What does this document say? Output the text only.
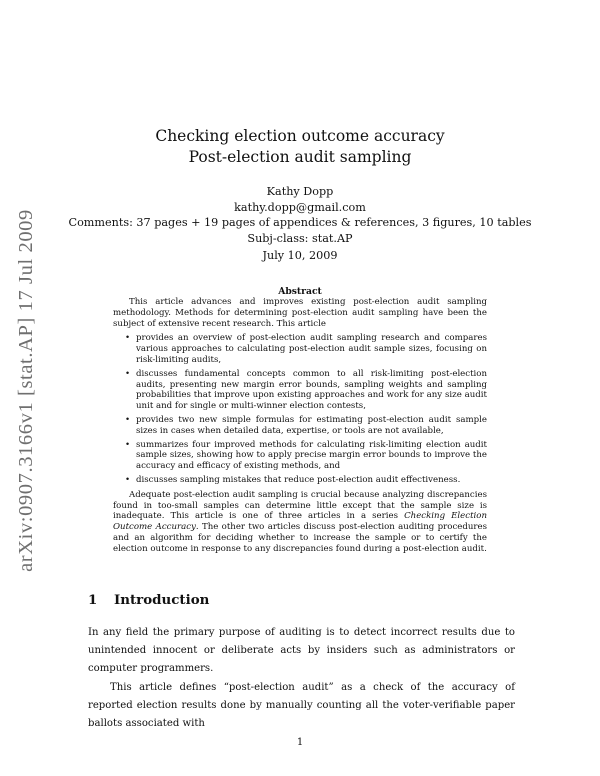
arXiv:0907.3166v1 [stat.AP] 17 Jul 2009
Checking election outcome accuracy
Post-election audit sampling
Kathy Dopp
kathy.dopp@gmail.com
Comments: 37 pages + 19 pages of appendices & references, 3 figures, 10 tables
Subj-class: stat.AP
July 10, 2009
Abstract

This article advances and improves existing post-election audit sampling methodology. Methods for determining post-election audit sampling have been the subject of extensive recent research. This article

• provides an overview of post-election audit sampling research and compares various approaches to calculating post-election audit sample sizes, focusing on risk-limiting audits,
• discusses fundamental concepts common to all risk-limiting post-election audits, presenting new margin error bounds, sampling weights and sampling probabilities that improve upon existing approaches and work for any size audit unit and for single or multi-winner election contests,
• provides two new simple formulas for estimating post-election audit sample sizes in cases when detailed data, expertise, or tools are not available,
• summarizes four improved methods for calculating risk-limiting election audit sample sizes, showing how to apply precise margin error bounds to improve the accuracy and efficacy of existing methods, and
• discusses sampling mistakes that reduce post-election audit effectiveness.

Adequate post-election audit sampling is crucial because analyzing discrepancies found in too-small samples can determine little except that the sample size is inadequate. This article is one of three articles in a series Checking Election Outcome Accuracy. The other two articles discuss post-election auditing procedures and an algorithm for deciding whether to increase the sample or to certify the election outcome in response to any discrepancies found during a post-election audit.

1 Introduction

In any field the primary purpose of auditing is to detect incorrect results due to unintended innocent or deliberate acts by insiders such as administrators or computer programmers.

This article defines “post-election audit” as a check of the accuracy of reported election results done by manually counting all the voter-verifiable paper ballots associated with

1
